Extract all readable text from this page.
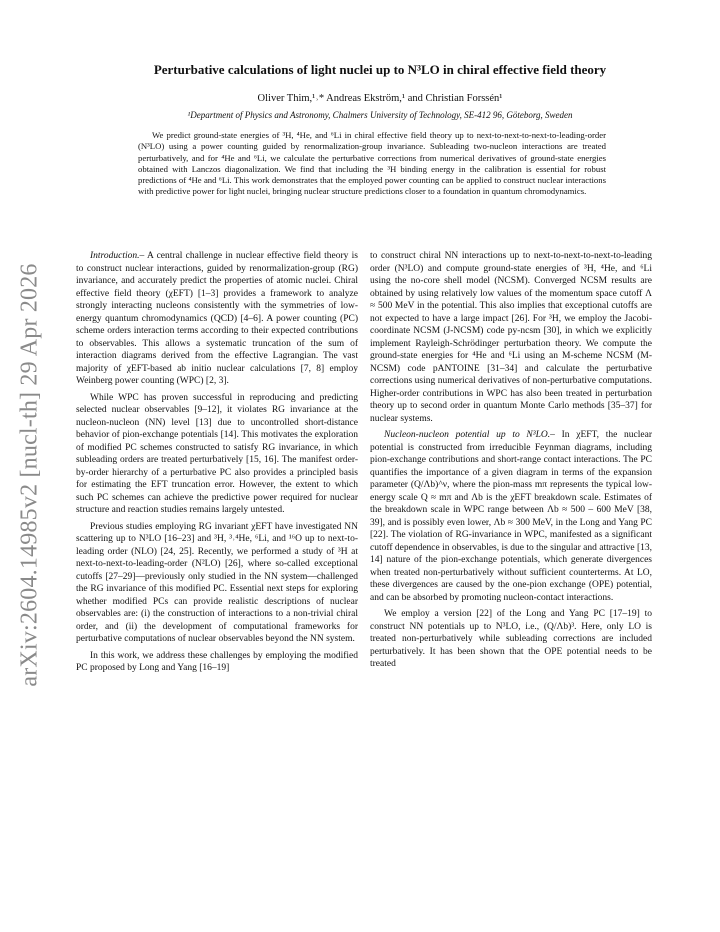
arXiv:2604.14985v2 [nucl-th] 29 Apr 2026
Perturbative calculations of light nuclei up to N³LO in chiral effective field theory
Oliver Thim,¹˒* Andreas Ekström,¹ and Christian Forssén¹
¹Department of Physics and Astronomy, Chalmers University of Technology, SE-412 96, Göteborg, Sweden
We predict ground-state energies of ³H, ⁴He, and ⁶Li in chiral effective field theory up to next-to-next-to-next-to-leading-order (N³LO) using a power counting guided by renormalization-group invariance. Subleading two-nucleon interactions are treated perturbatively, and for ⁴He and ⁶Li, we calculate the perturbative corrections from numerical derivatives of ground-state energies obtained with Lanczos diagonalization. We find that including the ³H binding energy in the calibration is essential for robust predictions of ⁴He and ⁶Li. This work demonstrates that the employed power counting can be applied to construct nuclear interactions with predictive power for light nuclei, bringing nuclear structure predictions closer to a foundation in quantum chromodynamics.

Introduction.– A central challenge in nuclear effective field theory is to construct nuclear interactions, guided by renormalization-group (RG) invariance, and accurately predict the properties of atomic nuclei. Chiral effective field theory (χEFT) [1–3] provides a framework to analyze strongly interacting nucleons consistently with the symmetries of low-energy quantum chromodynamics (QCD) [4–6]. A power counting (PC) scheme orders interaction terms according to their expected contributions to observables. This allows a systematic truncation of the sum of interaction diagrams derived from the effective Lagrangian. The vast majority of χEFT-based ab initio nuclear calculations [7, 8] employ Weinberg power counting (WPC) [2, 3].

While WPC has proven successful in reproducing and predicting selected nuclear observables [9–12], it violates RG invariance at the nucleon-nucleon (NN) level [13] due to uncontrolled short-distance behavior of pion-exchange potentials [14]. This motivates the exploration of modified PC schemes constructed to satisfy RG invariance, in which subleading orders are treated perturbatively [15, 16]. The manifest order-by-order hierarchy of a perturbative PC also provides a principled basis for estimating the EFT truncation error. However, the extent to which such PC schemes can achieve the predictive power required for nuclear structure and reaction studies remains largely untested.

Previous studies employing RG invariant χEFT have investigated NN scattering up to N³LO [16–23] and ³H, ³˒⁴He, ⁶Li, and ¹⁶O up to next-to-leading order (NLO) [24, 25]. Recently, we performed a study of ³H at next-to-next-to-leading-order (N²LO) [26], where so-called exceptional cutoffs [27–29]—previously only studied in the NN system—challenged the RG invariance of this modified PC. Essential next steps for exploring whether modified PCs can provide realistic descriptions of nuclear observables are: (i) the construction of interactions to a non-trivial chiral order, and (ii) the development of computational frameworks for perturbative computations of nuclear observables beyond the NN system.

In this work, we address these challenges by employing the modified PC proposed by Long and Yang [16–19]

to construct chiral NN interactions up to next-to-next-to-next-to-leading order (N³LO) and compute ground-state energies of ³H, ⁴He, and ⁶Li using the no-core shell model (NCSM). Converged NCSM results are obtained by using relatively low values of the momentum space cutoff Λ ≈ 500 MeV in the potential. This also implies that exceptional cutoffs are not expected to have a large impact [26]. For ³H, we employ the Jacobi-coordinate NCSM (J-NCSM) code py-ncsm [30], in which we explicitly implement Rayleigh-Schrödinger perturbation theory. We compute the ground-state energies for ⁴He and ⁶Li using an M-scheme NCSM (M-NCSM) code pANTOINE [31–34] and calculate the perturbative corrections using numerical derivatives of non-perturbative computations. Higher-order contributions in WPC has also been treated in perturbation theory up to second order in quantum Monte Carlo methods [35–37] for nuclear systems.

Nucleon-nucleon potential up to N³LO.– In χEFT, the nuclear potential is constructed from irreducible Feynman diagrams, including pion-exchange contributions and short-range contact interactions. The PC quantifies the importance of a given diagram in terms of the expansion parameter (Q/Λb)^ν, where the pion-mass mπ represents the typical low-energy scale Q ≈ mπ and Λb is the χEFT breakdown scale. Estimates of the breakdown scale in WPC range between Λb ≈ 500 – 600 MeV [38, 39], and is possibly even lower, Λb ≈ 300 MeV, in the Long and Yang PC [22]. The violation of RG-invariance in WPC, manifested as a significant cutoff dependence in observables, is due to the singular and attractive [13, 14] nature of the pion-exchange potentials, which generate divergences when treated non-perturbatively without sufficient counterterms. At LO, these divergences are caused by the one-pion exchange (OPE) potential, and can be absorbed by promoting nucleon-contact interactions.

We employ a version [22] of the Long and Yang PC [17–19] to construct NN potentials up to N³LO, i.e., (Q/Λb)³. Here, only LO is treated non-perturbatively while subleading corrections are included perturbatively. It has been shown that the OPE potential needs to be treated
